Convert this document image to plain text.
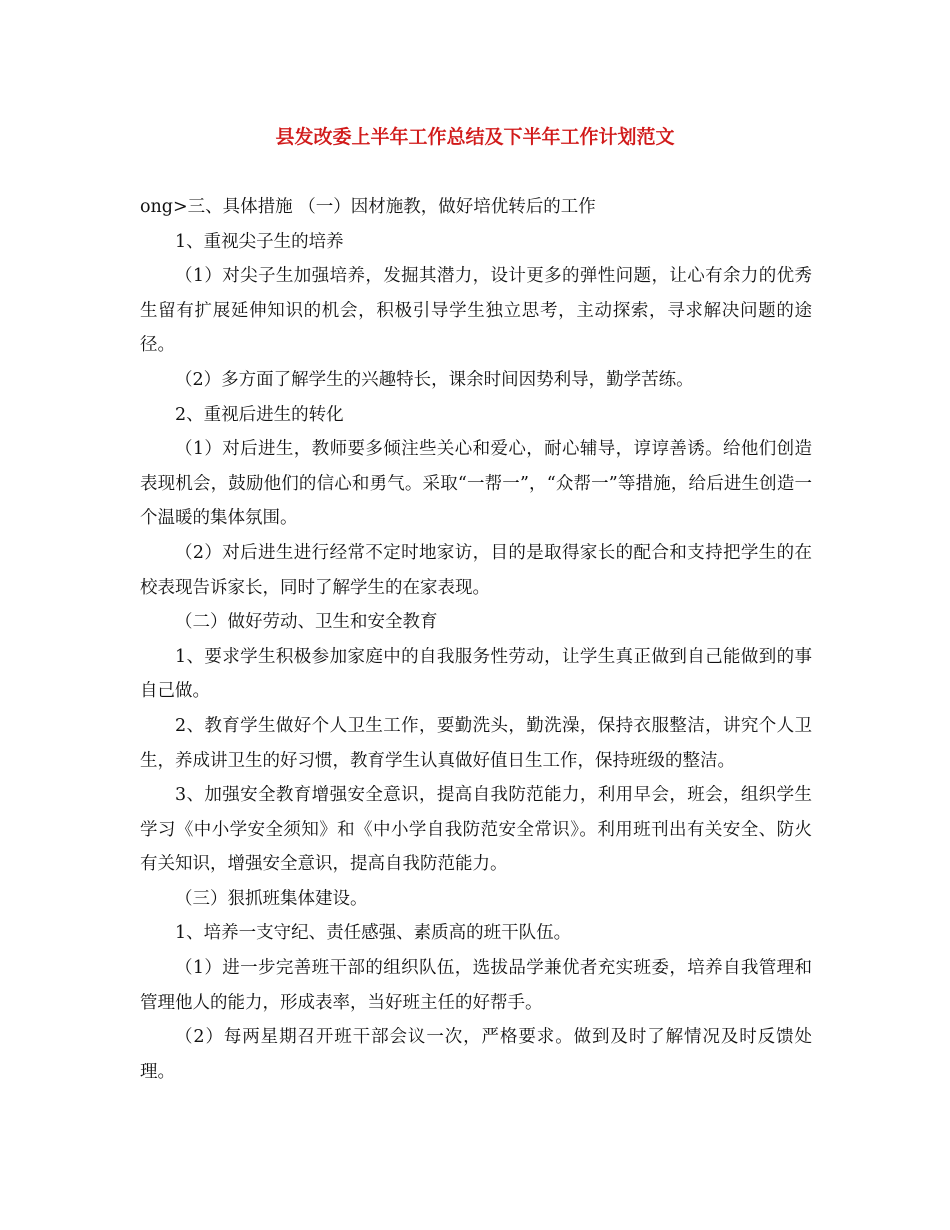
县发改委上半年工作总结及下半年工作计划范文

ong>三、具体措施 （一）因材施教，做好培优转后的工作

1、重视尖子生的培养

（1）对尖子生加强培养，发掘其潜力，设计更多的弹性问题，让心有余力的优秀生留有扩展延伸知识的机会，积极引导学生独立思考，主动探索，寻求解决问题的途径。

（2）多方面了解学生的兴趣特长，课余时间因势利导，勤学苦练。

2、重视后进生的转化

（1）对后进生，教师要多倾注些关心和爱心，耐心辅导，谆谆善诱。给他们创造表现机会，鼓励他们的信心和勇气。采取“一帮一”，“众帮一”等措施，给后进生创造一个温暖的集体氛围。

（2）对后进生进行经常不定时地家访，目的是取得家长的配合和支持把学生的在校表现告诉家长，同时了解学生的在家表现。

（二）做好劳动、卫生和安全教育

1、要求学生积极参加家庭中的自我服务性劳动，让学生真正做到自己能做到的事自己做。

2、教育学生做好个人卫生工作，要勤洗头，勤洗澡，保持衣服整洁，讲究个人卫生，养成讲卫生的好习惯，教育学生认真做好值日生工作，保持班级的整洁。

3、加强安全教育增强安全意识，提高自我防范能力，利用早会，班会，组织学生学习《中小学安全须知》和《中小学自我防范安全常识》。利用班刊出有关安全、防火有关知识，增强安全意识，提高自我防范能力。

（三）狠抓班集体建设。

1、培养一支守纪、责任感强、素质高的班干队伍。

（1）进一步完善班干部的组织队伍，选拔品学兼优者充实班委，培养自我管理和管理他人的能力，形成表率，当好班主任的好帮手。

（2）每两星期召开班干部会议一次，严格要求。做到及时了解情况及时反馈处理。
